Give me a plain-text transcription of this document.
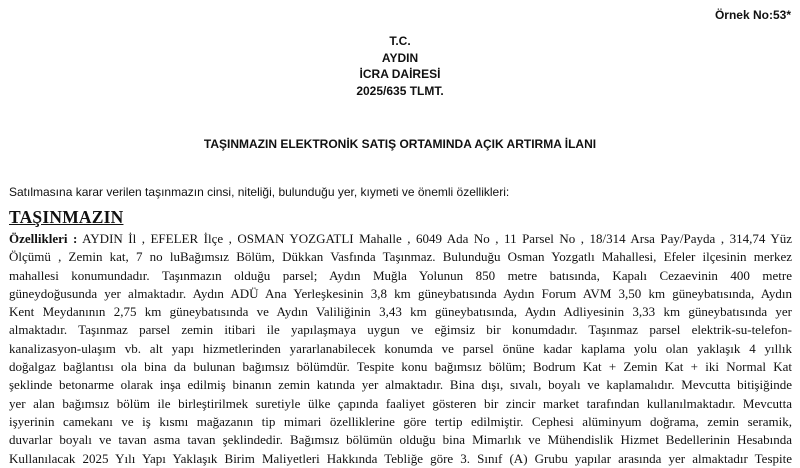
Örnek No:53*
T.C.
AYDIN
İCRA DAİRESİ
2025/635 TLMT.
TAŞINMAZIN ELEKTRONİK SATIŞ ORTAMINDA AÇIK ARTIRMA İLANI
Satılmasına karar verilen taşınmazın cinsi, niteliği, bulunduğu yer, kıymeti ve önemli özellikleri:
TAŞINMAZIN
Özellikleri : AYDIN İl , EFELER İlçe , OSMAN YOZGATLI Mahalle , 6049 Ada No , 11 Parsel No , 18/314 Arsa Pay/Payda , 314,74 Yüz
Ölçümü , Zemin kat, 7 no luBağımsız Bölüm, Dükkan Vasfında Taşınmaz. Bulunduğu Osman Yozgatlı Mahallesi, Efeler ilçesinin merkez
mahallesi konumundadır. Taşınmazın olduğu parsel; Aydın Muğla Yolunun 850 metre batısında, Kapalı Cezaevinin 400 metre
güneydoğusunda yer almaktadır. Aydın ADÜ Ana Yerleşkesinin 3,8 km güneybatısında Aydın Forum AVM 3,50 km güneybatısında, Aydın
Kent Meydanının 2,75 km güneybatısında ve Aydın Valiliğinin 3,43 km güneybatısında, Aydın Adliyesinin 3,33 km güneybatısında yer
almaktadır. Taşınmaz parsel zemin itibari ile yapılaşmaya uygun ve eğimsiz bir konumdadır. Taşınmaz parsel elektrik-su-telefon-
kanalizasyon-ulaşım vb. alt yapı hizmetlerinden yararlanabilecek konumda ve parsel önüne kadar kaplama yolu olan yaklaşık 4 yıllık
doğalgaz bağlantısı ola bina da bulunan bağımsız bölümdür. Tespite konu bağımsız bölüm; Bodrum Kat + Zemin Kat + iki Normal Kat
şeklinde betonarme olarak inşa edilmiş binanın zemin katında yer almaktadır. Bina dışı, sıvalı, boyalı ve kaplamalıdır. Mevcutta bitişiğinde
yer alan bağımsız bölüm ile birleştirilmek suretiyle ülke çapında faaliyet gösteren bir zincir market tarafından kullanılmaktadır. Mevcutta
işyerinin camekanı ve iş kısmı mağazanın tip mimari özelliklerine göre tertip edilmiştir. Cephesi alüminyum doğrama, zemin seramik,
duvarlar boyalı ve tavan asma tavan şeklindedir. Bağımsız bölümün olduğu bina Mimarlık ve Mühendislik Hizmet Bedellerinin Hesabında
Kullanılacak 2025 Yılı Yapı Yaklaşık Birim Maliyetleri Hakkında Tebliğe göre 3. Sınıf (A) Grubu yapılar arasında yer almaktadır Tespite
